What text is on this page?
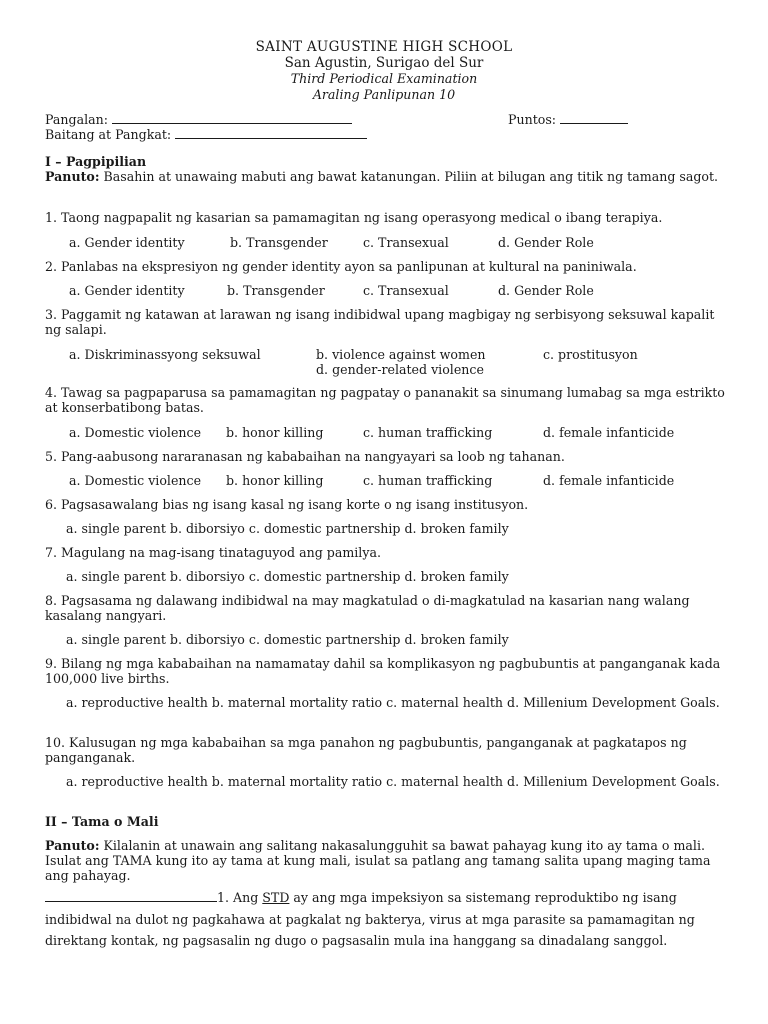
SAINT AUGUSTINE HIGH SCHOOL
San Agustin, Surigao del Sur
Third Periodical Examination
Araling Panlipunan 10
Pangalan:	Puntos:
Baitang at Pangkat:
I – Pagpipilian
Panuto: Basahin at unawaing mabuti ang bawat katanungan. Piliin at bilugan ang titik ng tamang sagot.
1. Taong nagpapalit ng kasarian sa pamamagitan ng isang operasyong medical o ibang terapiya.
a. Gender identity	b. Transgender	c. Transexual	d. Gender Role
2. Panlabas na ekspresiyon ng gender identity ayon sa panlipunan at kultural na paniniwala.
a. Gender identity	b. Transgender	c. Transexual	d. Gender Role
3. Paggamit ng katawan at larawan ng isang indibidwal upang magbigay ng serbisyong seksuwal kapalit ng salapi.
a. Diskriminassyong seksuwal	b. violence against women	c. prostitusyon
d. gender-related violence
4. Tawag sa pagpaparusa sa pamamagitan ng pagpatay o pananakit sa sinumang lumabag sa mga estrikto at konserbatibong batas.
a. Domestic violence b. honor killing	c. human trafficking	d. female infanticide
5. Pang-aabusong nararanasan ng kababaihan na nangyayari sa loob ng tahanan.
a. Domestic violence b. honor killing	c. human trafficking	d. female infanticide
6. Pagsasawalang bias ng isang kasal ng isang korte o ng isang institusyon.
a. single parent b. diborsiyo c. domestic partnership d. broken family
7. Magulang na mag-isang tinataguyod ang pamilya.
a. single parent b. diborsiyo c. domestic partnership d. broken family
8. Pagsasama ng dalawang indibidwal na may magkatulad o di-magkatulad na kasarian nang walang kasalang nangyari.
a. single parent b. diborsiyo c. domestic partnership d. broken family
9. Bilang ng mga kababaihan na namamatay dahil sa komplikasyon ng pagbubuntis at panganganak kada 100,000 live births.
a. reproductive health b. maternal mortality ratio c. maternal health d. Millenium Development Goals.
10. Kalusugan ng mga kababaihan sa mga panahon ng pagbubuntis, panganganak at pagkatapos ng panganganak.
a. reproductive health b. maternal mortality ratio c. maternal health d. Millenium Development Goals.
II – Tama o Mali
Panuto: Kilalanin at unawain ang salitang nakasalungguhit sa bawat pahayag kung ito ay tama o mali. Isulat ang TAMA kung ito ay tama at kung mali, isulat sa patlang ang tamang salita upang maging tama ang pahayag.
1. Ang STD ay ang mga impeksiyon sa sistemang reproduktibo ng isang indibidwal na dulot ng pagkahawa at pagkalat ng bakterya, virus at mga parasite sa pamamagitan ng direktang kontak, ng pagsasalin ng dugo o pagsasalin mula ina hanggang sa dinadalang sanggol.
